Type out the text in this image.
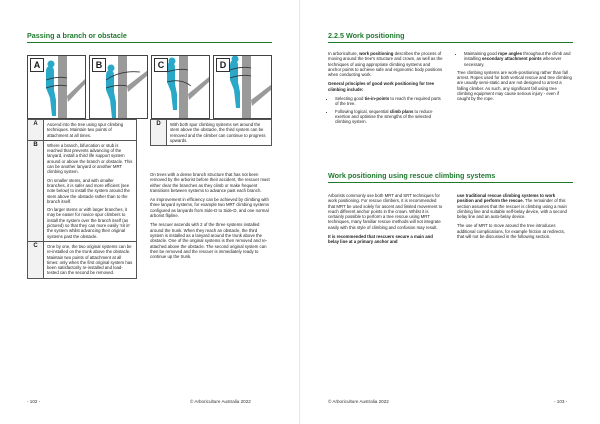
Passing a branch or obstacle
A	B	C	D
A	Ascend into the tree using spur climbing techniques. Maintain two points of attachment at all times.
B	Where a branch, bifurcation or stub is reached that prevents advancing of the lanyard, install a third life support system around or above the branch or obstacle. This can be another lanyard or another MRT climbing system.

On smaller stems, and with smaller branches, it is safer and more efficient (see note below) to install the system around the stem above the obstacle rather than to the branch itself.

On larger stems or with larger branches, it may be easier for novice spur climbers to install the system over the branch itself (as pictured) so that they can more easily ‘sit in’ the system whilst advancing their original systems past the obstacle.

C	One by one, the two original systems can be re-installed on the trunk above the obstacle. Maintain two points of attachment at all times: only when the first original system has been satisfactorily re-installed and load-tested can the second be removed.
D	With both spur climbing systems set around the stem above the obstacle, the third system can be removed and the climber can continue to progress upwards.

On trees with a dense branch structure that has not been removed by the arborist before their accident, the rescuer must either clear the branches as they climb or make frequent transitions between systems to advance past each branch.

An improvement in efficiency can be achieved by climbing with three lanyard systems, for example two MRT climbing systems configured as lanyards from Side-D to Side-D, and one normal arborist flipline.

The rescuer ascends with 2 of the three systems installed around the trunk. When they reach an obstacle, the third system is installed as a lanyard around the trunk above the obstacle. One of the original systems is then removed and re-attached above the obstacle. The second original system can then be removed and the rescuer is immediately ready to continue up the trunk.

- 102 -	© Arboriculture Australia 2022
2.2.5 Work positioning

In arboriculture, work positioning describes the process of moving around the tree's structure and crown, as well as the techniques of using appropriate climbing systems and anchor points to achieve safe and ergonomic body positions when conducting work.

General principles of good work positioning for tree climbing include:

• Selecting good tie-in-points to reach the required parts of the tree.
• Following logical, sequential climb plans to reduce exertion and optimise the strengths of the selected climbing system.
• Maintaining good rope angles throughout the climb and installing secondary attachment points whenever necessary.

Tree climbing systems are work-positioning rather than fall arrest. Ropes used for both vertical rescue and tree climbing are usually semi-static and are not designed to arrest a falling climber. As such, any significant fall using tree climbing equipment may cause serious injury - even if caught by the rope.

Work positioning using rescue climbing systems

Arborists commonly use both MRT and SRT techniques for work positioning. For rescue climbers, it is recommended that MRT be used solely for ascent and limited movement to reach different anchor points in the crown. Whilst it is certainly possible to perform a tree rescue using MRT techniques, many familiar rescue methods will not integrate easily with this style of climbing and confusion may result.

It is recommended that rescuers secure a main and belay line at a primary anchor and

use traditional rescue climbing systems to work position and perform the rescue. The remainder of this section assumes that the rescuer is climbing using a main climbing line and suitable self-belay device, with a second belay line and an auto-belay device.

The use of MRT to move around the tree introduces additional complications, for example friction at redirects, that will not be discussed in the following section.

© Arboriculture Australia 2022	- 103 -
